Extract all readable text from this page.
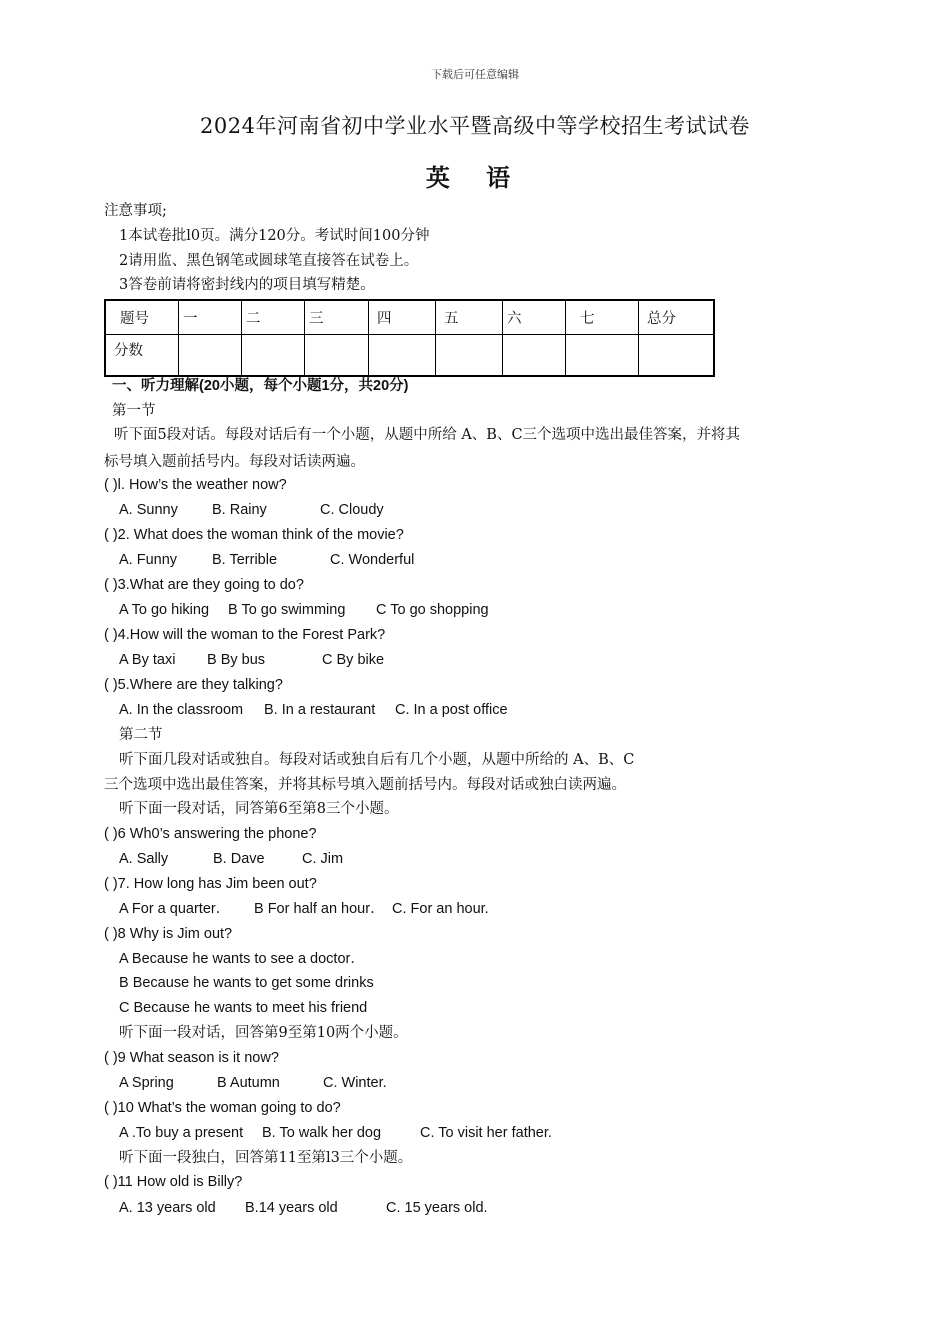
下载后可任意编辑
2024年河南省初中学业水平暨高级中等学校招生考试试卷
英 语
注意事项;
1本试卷批l0页。满分120分。考试时间100分钟
2请用监、黑色钢笔或圆球笔直接答在试卷上。
3答卷前请将密封线内的项目填写精楚。
题号	一	二	三	四	五	六	七	总分
分数								
一、听力理解(20小题，每个小题1分，共20分)
第一节
听下面5段对话。每段对话后有一个小题，从题中所给 A、B、C三个选项中选出最佳答案，并将其
标号填入题前括号内。每段对话读两遍。
( )l. How’s the weather now?
A. Sunny B. Rainy	C. Cloudy
( )2. What does the woman think of the movie?
A. Funny B. Terrible	C. Wonderful
( )3.What are they going to do?
A To go hiking B To go swimming C To go shopping
( )4.How will the woman to the Forest Park?
A By taxi B By bus	C By bike
( )5.Where are they talking?
A. In the classroom B. In a restaurant C. In a post office
第二节
听下面几段对话或独自。每段对话或独自后有几个小题，从题中所给的 A、B、C
三个选项中选出最佳答案，并将其标号填入题前括号内。每段对话或独白读两遍。
听下面一段对话，同答第6至第8三个小题。
( )6 Wh0’s answering the phone?
A. Sally	B. Dave	C. Jim
( )7. How long has Jim been out?
A For a quarter． B For half an hour． C. For an hour.
( )8 Why is Jim out?
A Because he wants to see a doctor．
B Because he wants to get some drinks
C Because he wants to meet his friend
听下面一段对话，回答第9至第10两个小题。
( )9 What season is it now?
A Spring	B Autumn	C. Winter.
( )10 What’s the woman going to do?
A .To buy a present B. To walk her dog	C. To visit her father.
听下面一段独白，回答第11至第l3三个小题。
( )11 How old is Billy?
A. 13 years old B.14 years old	C. 15 years old.
